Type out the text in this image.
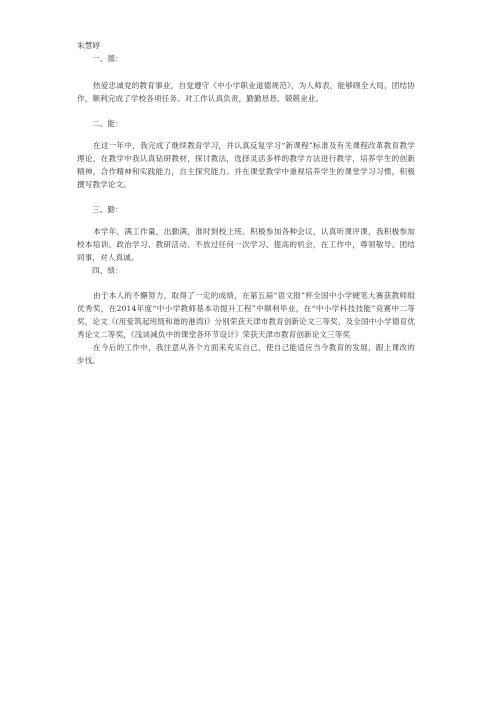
朱慧婷

一、德：

热爱忠诚党的教育事业，自觉遵守《中小学职业道德规范》，为人师表，能够顾全大局，团结协作，顺利完成了学校各项任务。对工作认真负责，勤勤恳恳，兢兢业业。

二、能：

在这一年中，我完成了继续教育学习，并认真反复学习“新课程”标准及有关课程改革教育教学理论，在教学中我认真钻研教材，探讨教法，选择灵活多样的教学方法进行教学，培养学生的创新精神，合作精神和实践能力，自主探究能力。并在课堂教学中重视培养学生的课堂学习习惯，积极撰写教学论文。

三、勤：

本学年，满工作量，出勤满，准时到校上班。积极参加各种会议，认真听课评课，我积极参加校本培训、政治学习、教研活动、不放过任何一次学习、提高的机会，在工作中，尊领敬导、团结同事，对人真诚。

四、绩：

由于本人的不懈努力，取得了一定的成绩，在第五届“语文报”杯全国中小学硬笔大赛获教师组优秀奖，在2014年度“中小学教师基本功提升工程”中顺利毕业，在“中小学科技技能”竞赛中二等奖，论文《(用爱筑起班级和谐的港湾)》分别荣获天津市教育创新论文三等奖，及全国中小学德育优秀论文二等奖，《浅谈减负中的课堂各环节设计》荣获天津市教育创新论文三等奖

在今后的工作中，我注意从各个方面来充实自己，使自己能适应当今教育的发展，跟上课改的步伐。
